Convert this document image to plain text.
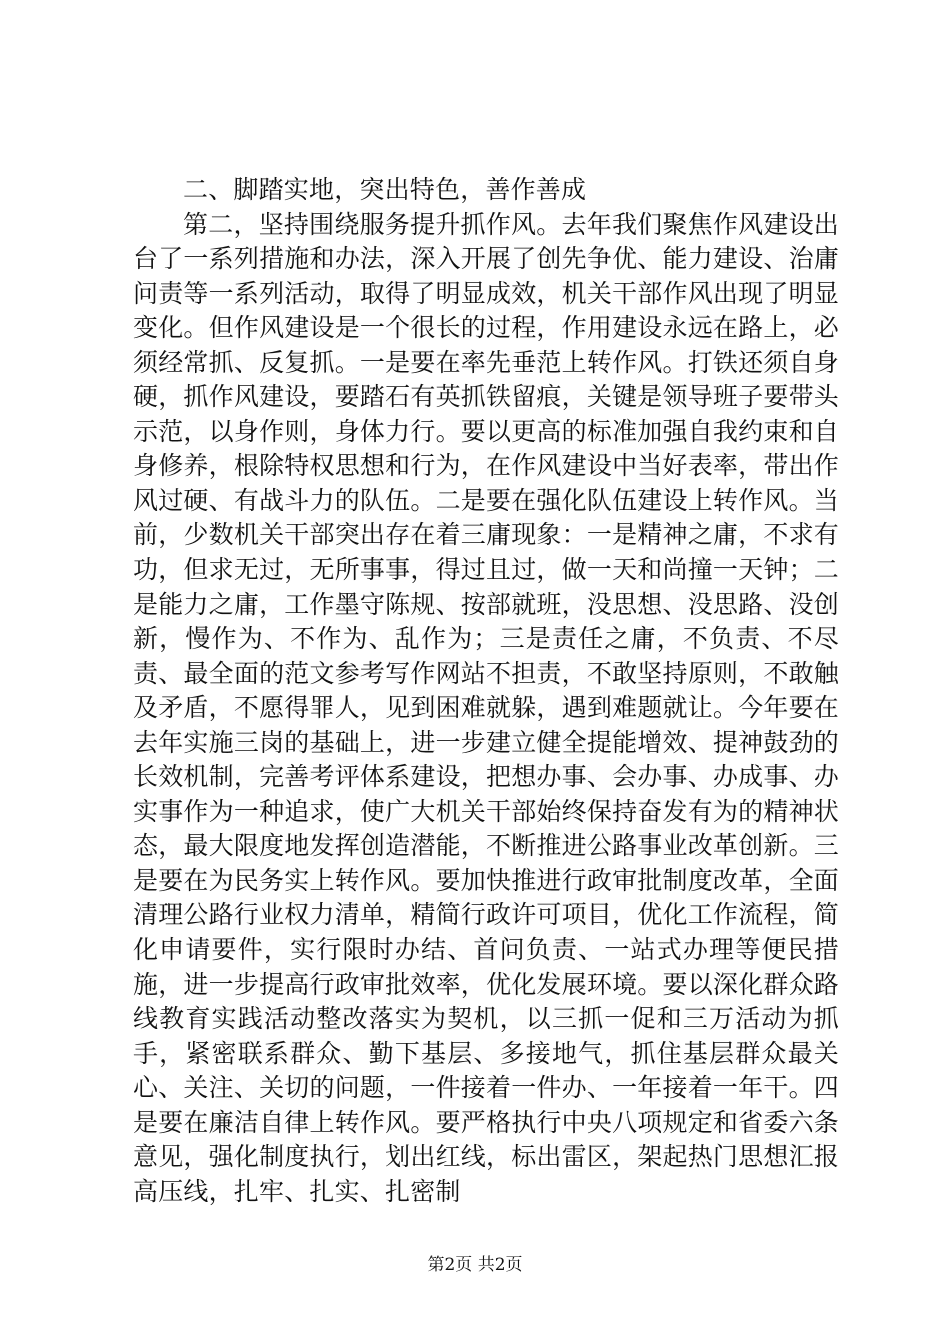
二、脚踏实地，突出特色，善作善成

第二，坚持围绕服务提升抓作风。去年我们聚焦作风建设出台了一系列措施和办法，深入开展了创先争优、能力建设、治庸问责等一系列活动，取得了明显成效，机关干部作风出现了明显变化。但作风建设是一个很长的过程，作用建设永远在路上，必须经常抓、反复抓。一是要在率先垂范上转作风。打铁还须自身硬，抓作风建设，要踏石有英抓铁留痕，关键是领导班子要带头示范，以身作则，身体力行。要以更高的标准加强自我约束和自身修养，根除特权思想和行为，在作风建设中当好表率，带出作风过硬、有战斗力的队伍。二是要在强化队伍建设上转作风。当前，少数机关干部突出存在着三庸现象：一是精神之庸，不求有功，但求无过，无所事事，得过且过，做一天和尚撞一天钟；二是能力之庸，工作墨守陈规、按部就班，没思想、没思路、没创新，慢作为、不作为、乱作为；三是责任之庸，不负责、不尽责、最全面的范文参考写作网站不担责，不敢坚持原则，不敢触及矛盾，不愿得罪人，见到困难就躲，遇到难题就让。今年要在去年实施三岗的基础上，进一步建立健全提能增效、提神鼓劲的长效机制，完善考评体系建设，把想办事、会办事、办成事、办实事作为一种追求，使广大机关干部始终保持奋发有为的精神状态，最大限度地发挥创造潜能，不断推进公路事业改革创新。三是要在为民务实上转作风。要加快推进行政审批制度改革，全面清理公路行业权力清单，精简行政许可项目，优化工作流程，简化申请要件，实行限时办结、首问负责、一站式办理等便民措施，进一步提高行政审批效率，优化发展环境。要以深化群众路线教育实践活动整改落实为契机，以三抓一促和三万活动为抓手，紧密联系群众、勤下基层、多接地气，抓住基层群众最关心、关注、关切的问题，一件接着一件办、一年接着一年干。四是要在廉洁自律上转作风。要严格执行中央八项规定和省委六条意见，强化制度执行，划出红线，标出雷区，架起热门思想汇报高压线，扎牢、扎实、扎密制

第2页 共2页
